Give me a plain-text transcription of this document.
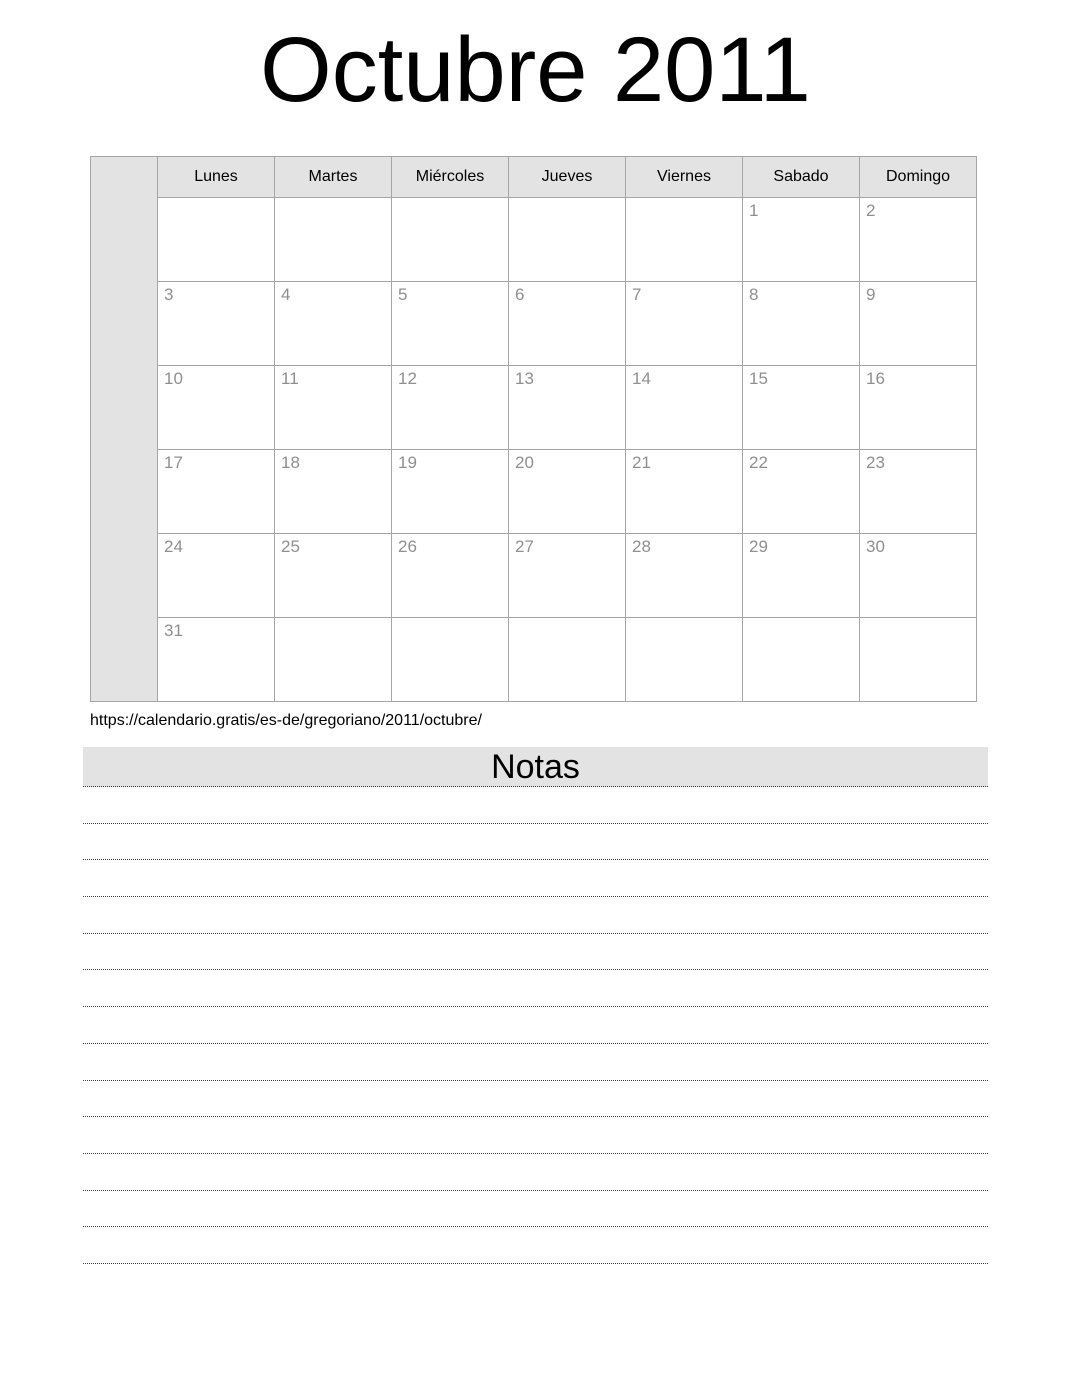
Octubre 2011
	Lunes	Martes	Miércoles	Jueves	Viernes	Sabado	Domingo
						1	2
	3	4	5	6	7	8	9
	10	11	12	13	14	15	16
	17	18	19	20	21	22	23
	24	25	26	27	28	29	30
	31						
https://calendario.gratis/es-de/gregoriano/2011/octubre/
Notas
